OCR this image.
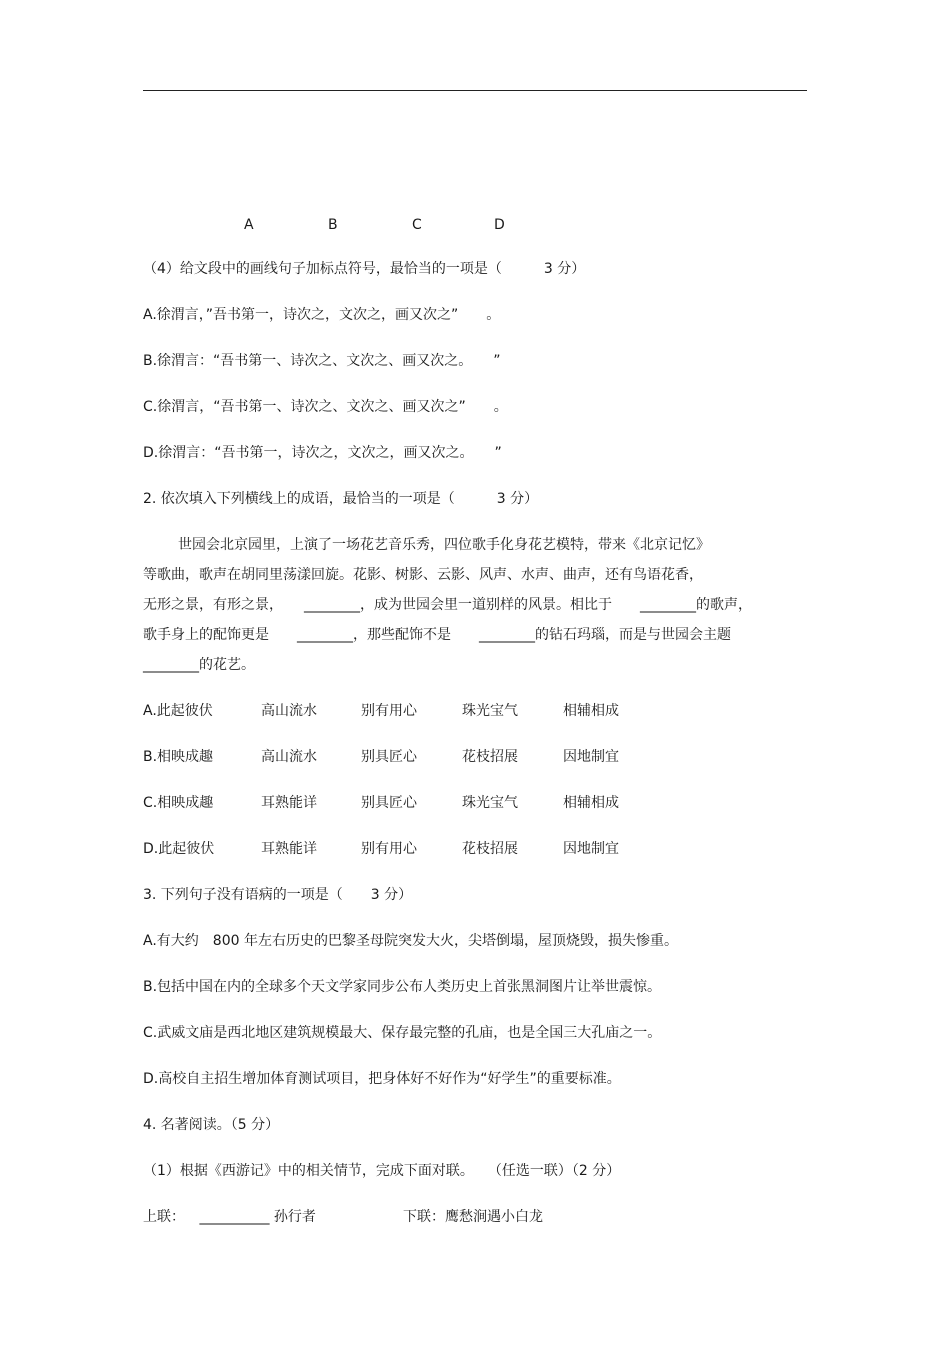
A	B	C	D
（4）给文段中的画线句子加标点符号，最恰当的一项是（　　　3 分）
A.徐渭言，”吾书第一，诗次之，文次之，画又次之”　　。
B.徐渭言：“吾书第一、诗次之、文次之、画又次之。　　”
C.徐渭言，“吾书第一、诗次之、文次之、画又次之”　　。
D.徐渭言：“吾书第一，诗次之，文次之，画又次之。　　”
2. 依次填入下列横线上的成语，最恰当的一项是（　　　3 分）
世园会北京园里，上演了一场花艺音乐秀，四位歌手化身花艺模特，带来《北京记忆》
等歌曲，歌声在胡同里荡漾回旋。花影、树影、云影、风声、水声、曲声，还有鸟语花香，
无形之景，有形之景，　　________，成为世园会里一道别样的风景。相比于　　________的歌声，
歌手身上的配饰更是　　________，那些配饰不是　　________的钻石玛瑙，而是与世园会主题
________的花艺。
A.此起彼伏	高山流水	别有用心	珠光宝气	相辅相成
B.相映成趣	高山流水	别具匠心	花枝招展	因地制宜
C.相映成趣	耳熟能详	别具匠心	珠光宝气	相辅相成
D.此起彼伏	耳熟能详	别有用心	花枝招展	因地制宜
3. 下列句子没有语病的一项是（　　3 分）
A.有大约　800 年左右历史的巴黎圣母院突发大火，尖塔倒塌，屋顶烧毁，损失惨重。
B.包括中国在内的全球多个天文学家同步公布人类历史上首张黑洞图片让举世震惊。
C.武威文庙是西北地区建筑规模最大、保存最完整的孔庙，也是全国三大孔庙之一。
D.高校自主招生增加体育测试项目，把身体好不好作为“好学生”的重要标准。
4. 名著阅读。（5 分）
（1）根据《西游记》中的相关情节，完成下面对联。　　（任选一联）（2 分）
上联： __________ 孙行者	下联：鹰愁涧遇小白龙
